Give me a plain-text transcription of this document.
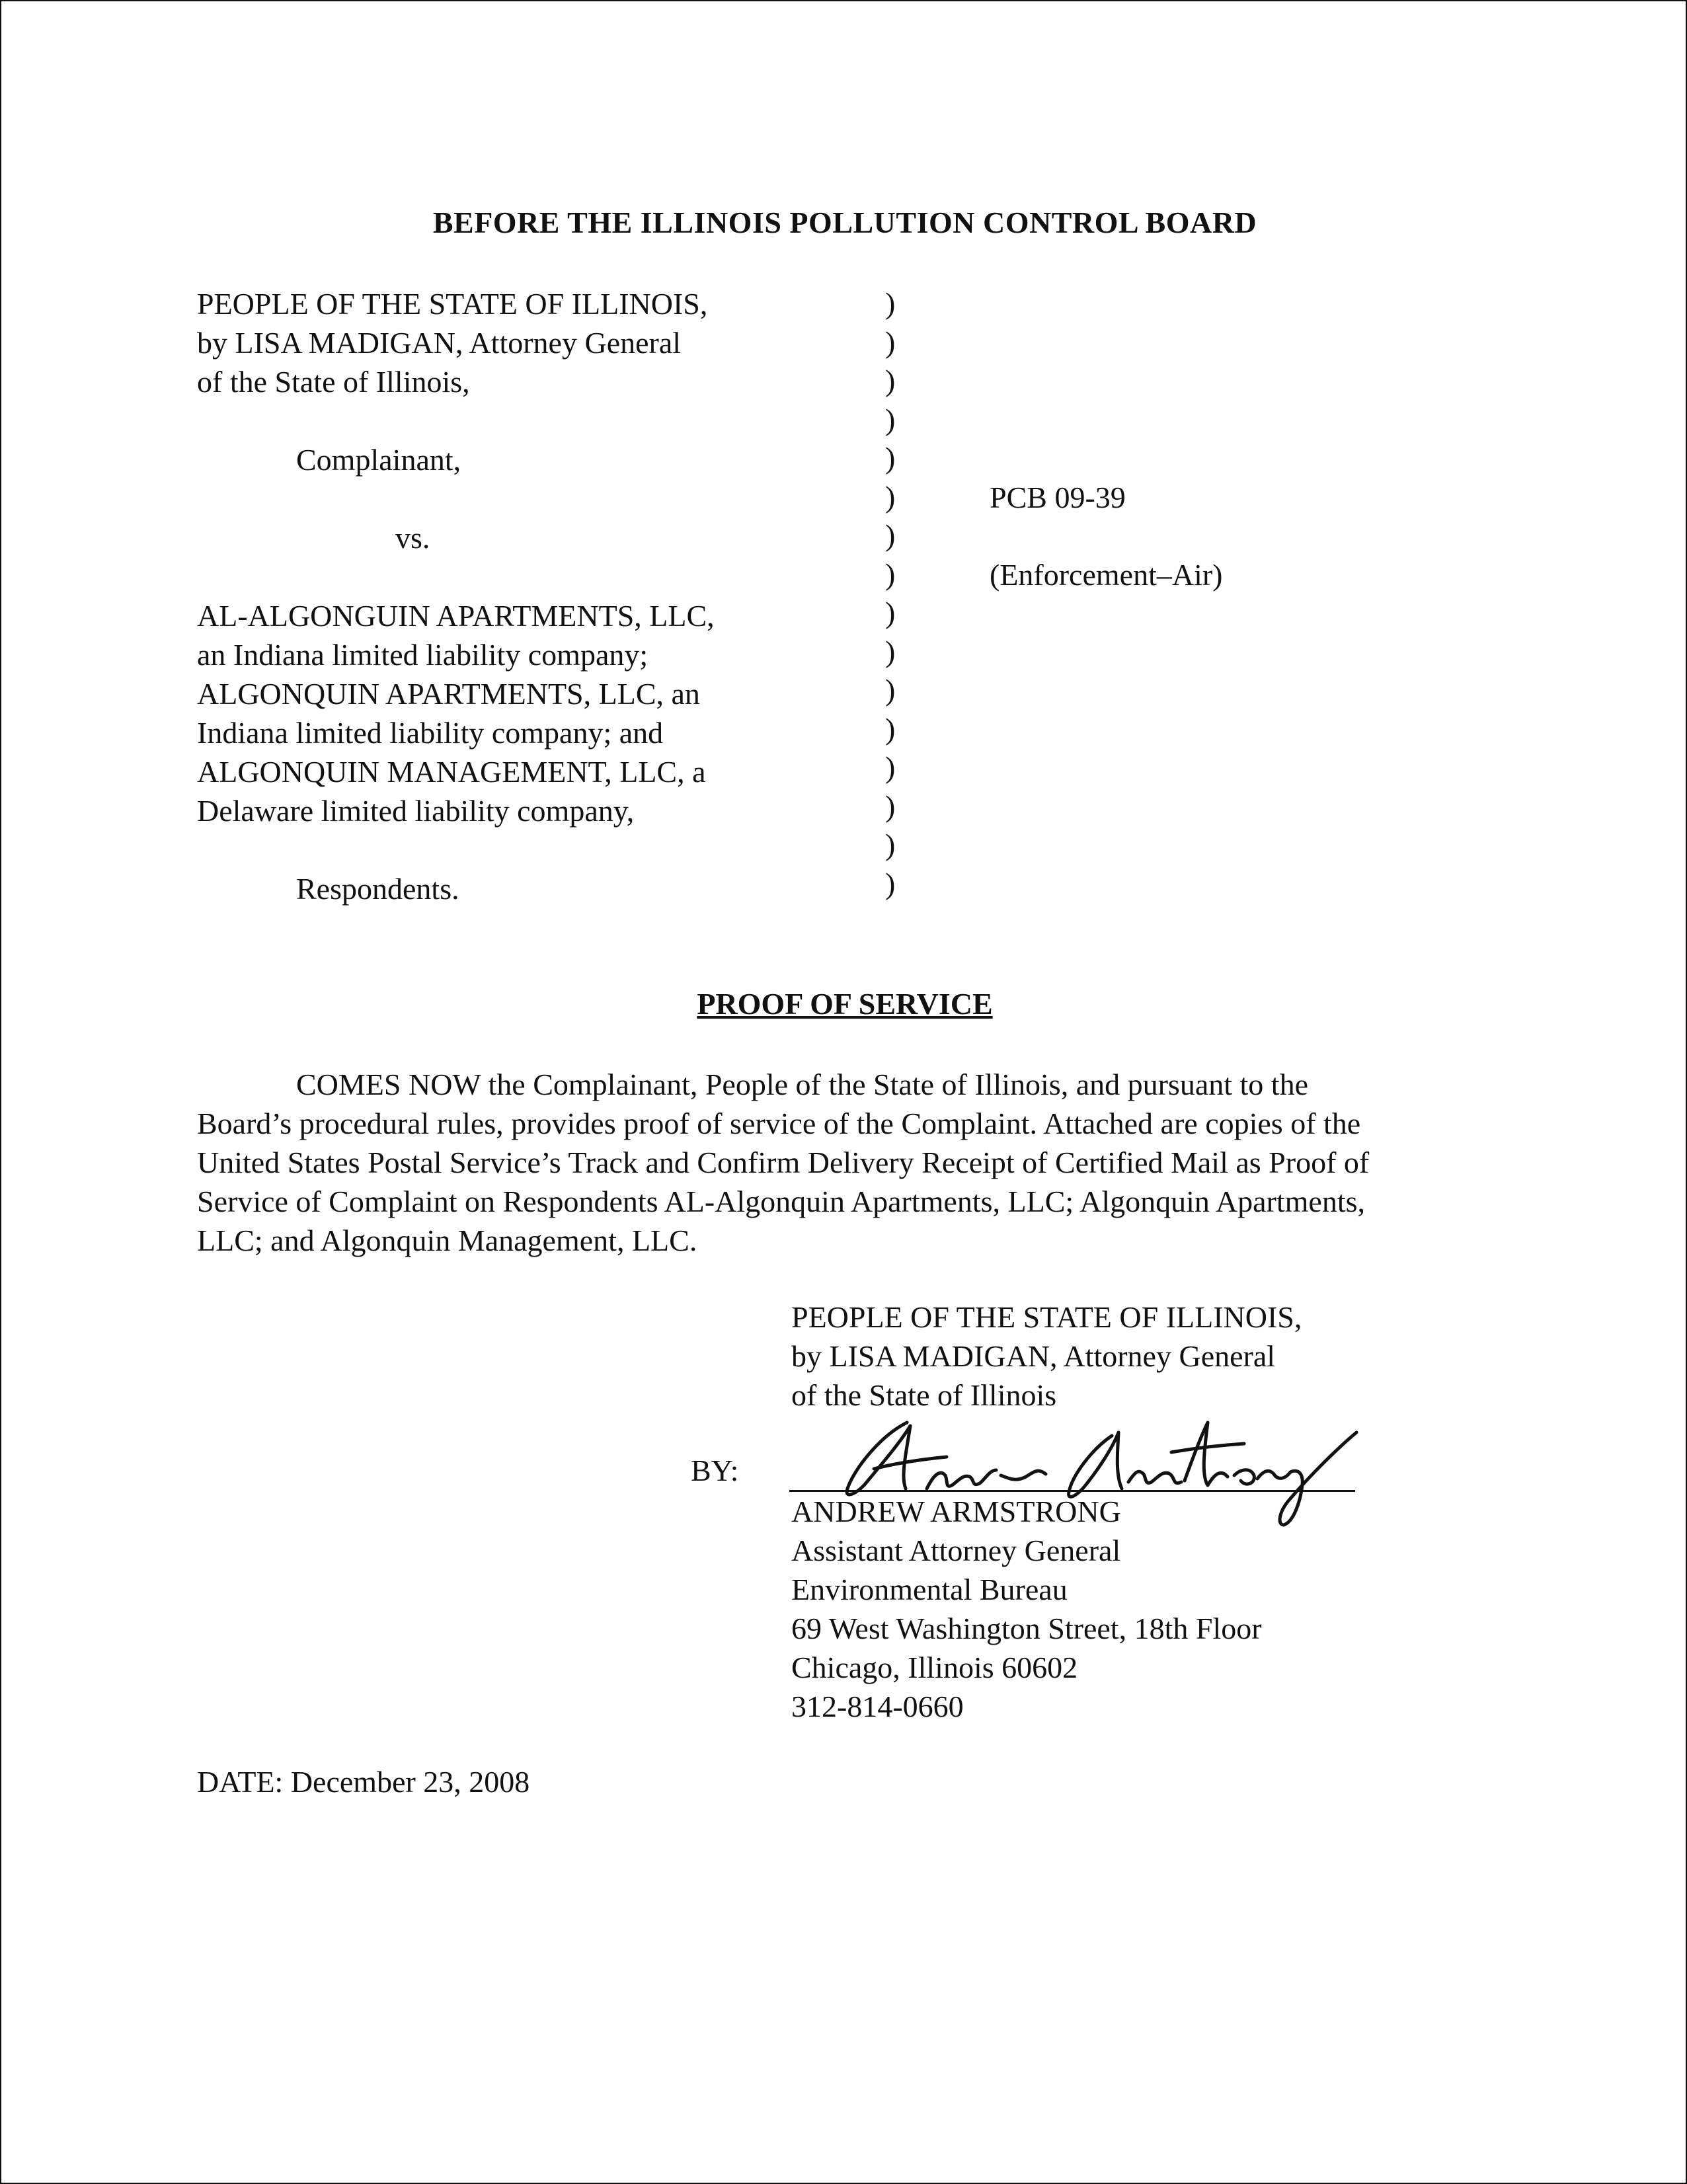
BEFORE THE ILLINOIS POLLUTION CONTROL BOARD
PEOPLE OF THE STATE OF ILLINOIS,
by LISA MADIGAN, Attorney General
of the State of Illinois,
Complainant,
vs.
AL-ALGONGUIN APARTMENTS, LLC,
an Indiana limited liability company;
ALGONQUIN APARTMENTS, LLC, an
Indiana limited liability company; and
ALGONQUIN MANAGEMENT, LLC, a
Delaware limited liability company,
Respondents.
)
)
)
)
)
)
)
)
)
)
)
)
)
)
)
)
PCB 09-39
(Enforcement–Air)
PROOF OF SERVICE
COMES NOW the Complainant, People of the State of Illinois, and pursuant to the
Board’s procedural rules, provides proof of service of the Complaint. Attached are copies of the
United States Postal Service’s Track and Confirm Delivery Receipt of Certified Mail as Proof of
Service of Complaint on Respondents AL-Algonquin Apartments, LLC; Algonquin Apartments,
LLC; and Algonquin Management, LLC.
PEOPLE OF THE STATE OF ILLINOIS,
by LISA MADIGAN, Attorney General
of the State of Illinois
BY:
ANDREW ARMSTRONG
Assistant Attorney General
Environmental Bureau
69 West Washington Street, 18th Floor
Chicago, Illinois 60602
312-814-0660
DATE: December 23, 2008
